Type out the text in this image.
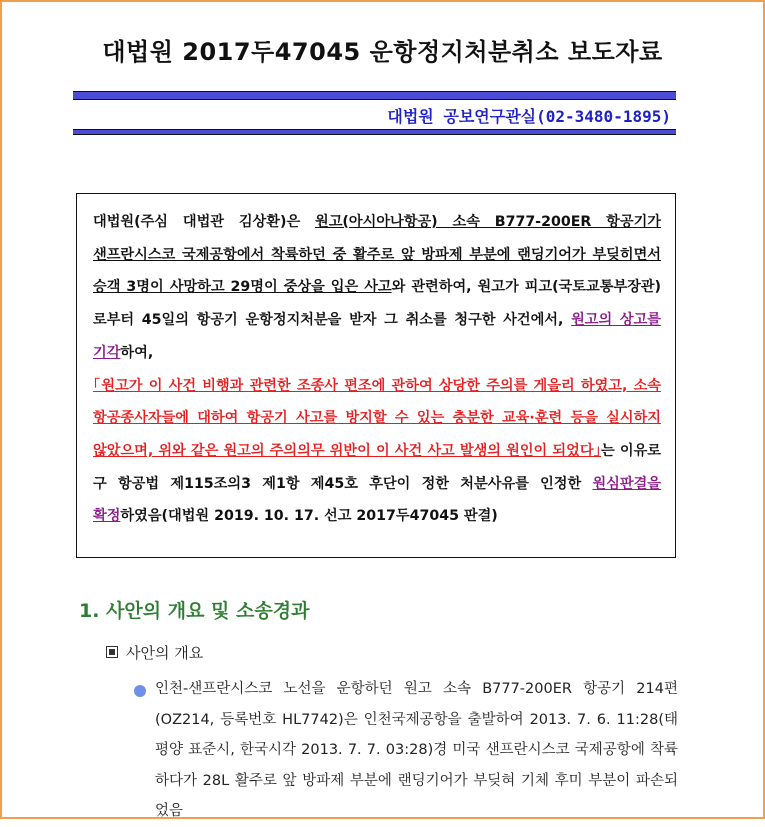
대법원 2017두47045 운항정지처분취소 보도자료
대법원 공보연구관실(02-3480-1895)

대법원(주심 대법관 김상환)은 원고(아시아나항공) 소속 B777-200ER 항공기가 샌프란시스코 국제공항에서 착륙하던 중 활주로 앞 방파제 부분에 랜딩기어가 부딪히면서 승객 3명이 사망하고 29명이 중상을 입은 사고와 관련하여, 원고가 피고(국토교통부장관)로부터 45일의 항공기 운항정지처분을 받자 그 취소를 청구한 사건에서, 원고의 상고를 기각하여,
｢원고가 이 사건 비행과 관련한 조종사 편조에 관하여 상당한 주의를 게을리 하였고, 소속 항공종사자들에 대하여 항공기 사고를 방지할 수 있는 충분한 교육·훈련 등을 실시하지 않았으며, 위와 같은 원고의 주의의무 위반이 이 사건 사고 발생의 원인이 되었다｣는 이유로 구 항공법 제115조의3 제1항 제45호 후단이 정한 처분사유를 인정한 원심판결을 확정하였음(대법원 2019. 10. 17. 선고 2017두47045 판결)

1. 사안의 개요 및 소송경과
사안의 개요
인천-샌프란시스코 노선을 운항하던 원고 소속 B777-200ER 항공기 214편(OZ214, 등록번호 HL7742)은 인천국제공항을 출발하여 2013. 7. 6. 11:28(태평양 표준시, 한국시각 2013. 7. 7. 03:28)경 미국 샌프란시스코 국제공항에 착륙하다가 28L 활주로 앞 방파제 부분에 랜딩기어가 부딪혀 기체 후미 부분이 파손되었음
